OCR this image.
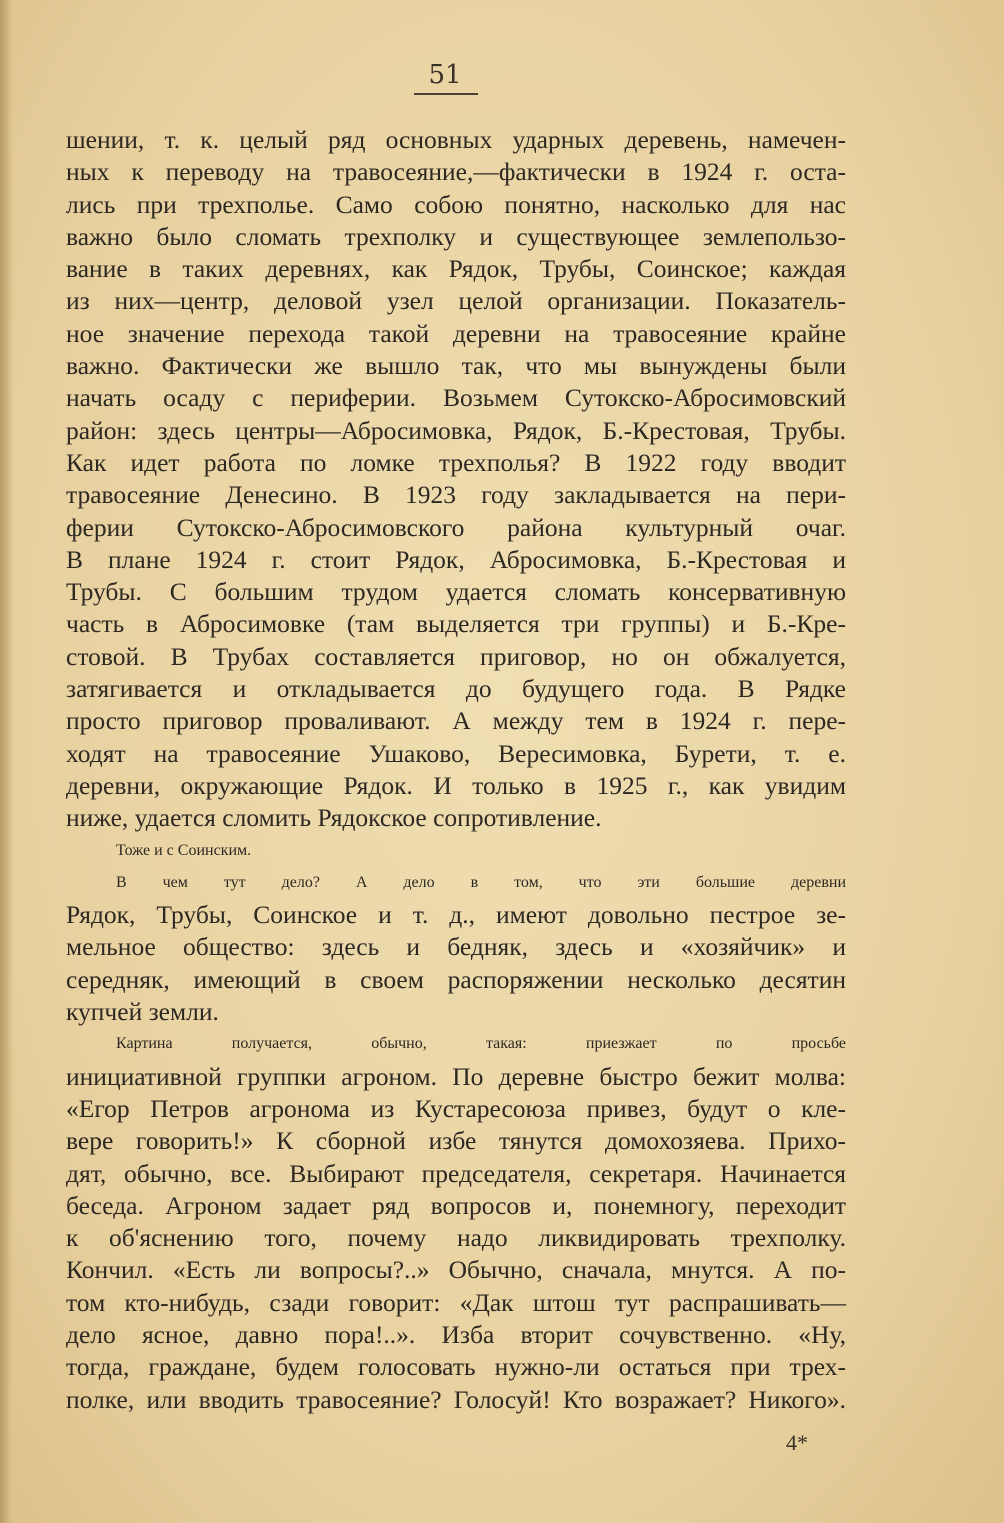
51
шении, т. к. целый ряд основных ударных деревень, намечен-
ных к переводу на травосеяние,—фактически в 1924 г. оста-
лись при трехполье. Само собою понятно, насколько для нас
важно было сломать трехполку и существующее землепользо-
вание в таких деревнях, как Рядок, Трубы, Соинское; каждая
из них—центр, деловой узел целой организации. Показатель-
ное значение перехода такой деревни на травосеяние крайне
важно. Фактически же вышло так, что мы вынуждены были
начать осаду с периферии. Возьмем Сутокско-Абросимовский
район: здесь центры—Абросимовка, Рядок, Б.-Крестовая, Трубы.
Как идет работа по ломке трехполья? В 1922 году вводит
травосеяние Денесино. В 1923 году закладывается на пери-
ферии Сутокско-Абросимовского района культурный очаг.
В плане 1924 г. стоит Рядок, Абросимовка, Б.-Крестовая и
Трубы. С большим трудом удается сломать консервативную
часть в Абросимовке (там выделяется три группы) и Б.-Кре-
стовой. В Трубах составляется приговор, но он обжалуется,
затягивается и откладывается до будущего года. В Рядке
просто приговор проваливают. А между тем в 1924 г. пере-
ходят на травосеяние Ушаково, Вересимовка, Бурети, т. е.
деревни, окружающие Рядок. И только в 1925 г., как увидим
ниже, удается сломить Рядокское сопротивление.
Тоже и с Соинским.
В чем тут дело? А дело в том, что эти большие деревни
Рядок, Трубы, Соинское и т. д., имеют довольно пестрое зе-
мельное общество: здесь и бедняк, здесь и «хозяйчик» и
середняк, имеющий в своем распоряжении несколько десятин
купчей земли.
Картина получается, обычно, такая: приезжает по просьбе
инициативной группки агроном. По деревне быстро бежит молва:
«Егор Петров агронома из Кустаресоюза привез, будут о кле-
вере говорить!» К сборной избе тянутся домохозяева. Прихо-
дят, обычно, все. Выбирают председателя, секретаря. Начинается
беседа. Агроном задает ряд вопросов и, понемногу, переходит
к об'яснению того, почему надо ликвидировать трехполку.
Кончил. «Есть ли вопросы?..» Обычно, сначала, мнутся. А по-
том кто-нибудь, сзади говорит: «Дак штош тут распрашивать—
дело ясное, давно пора!..». Изба вторит сочувственно. «Ну,
тогда, граждане, будем голосовать нужно-ли остаться при трех-
полке, или вводить травосеяние? Голосуй! Кто возражает? Никого».
4*
